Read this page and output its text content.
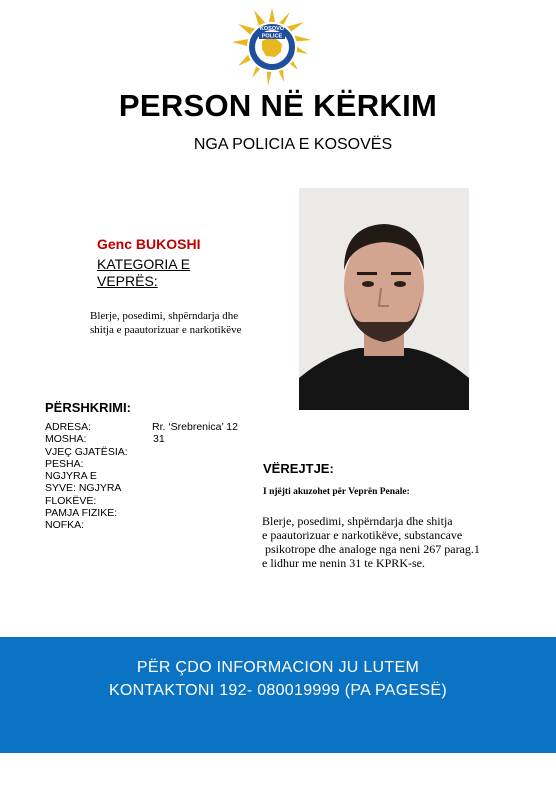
KOSOVO
POLICE
PERSON NË KËRKIM
NGA POLICIA E KOSOVËS
Genc BUKOSHI
KATEGORIA E VEPRËS:
Blerje, posedimi, shpërndarja dhe shitja e paautorizuar e narkotikëve
PËRSHKRIMI:
ADRESA:
MOSHA:
VJEÇ GJATËSIA:
PESHA:
NGJYRA E
SYVE: NGJYRA
FLOKËVE:
PAMJA FIZIKE:
NOFKA:
Rr. ‘Srebrenica’ 12
31
VËREJTJE:
I njëjti akuzohet për Veprën Penale:
Blerje, posedimi, shpërndarja dhe shitja
e paautorizuar e narkotikëve, substancave
psikotrope dhe analoge nga neni 267 parag.1
e lidhur me nenin 31 te KPRK-se.
PËR ÇDO INFORMACION JU LUTEM
KONTAKTONI 192- 080019999 (PA PAGESË)
